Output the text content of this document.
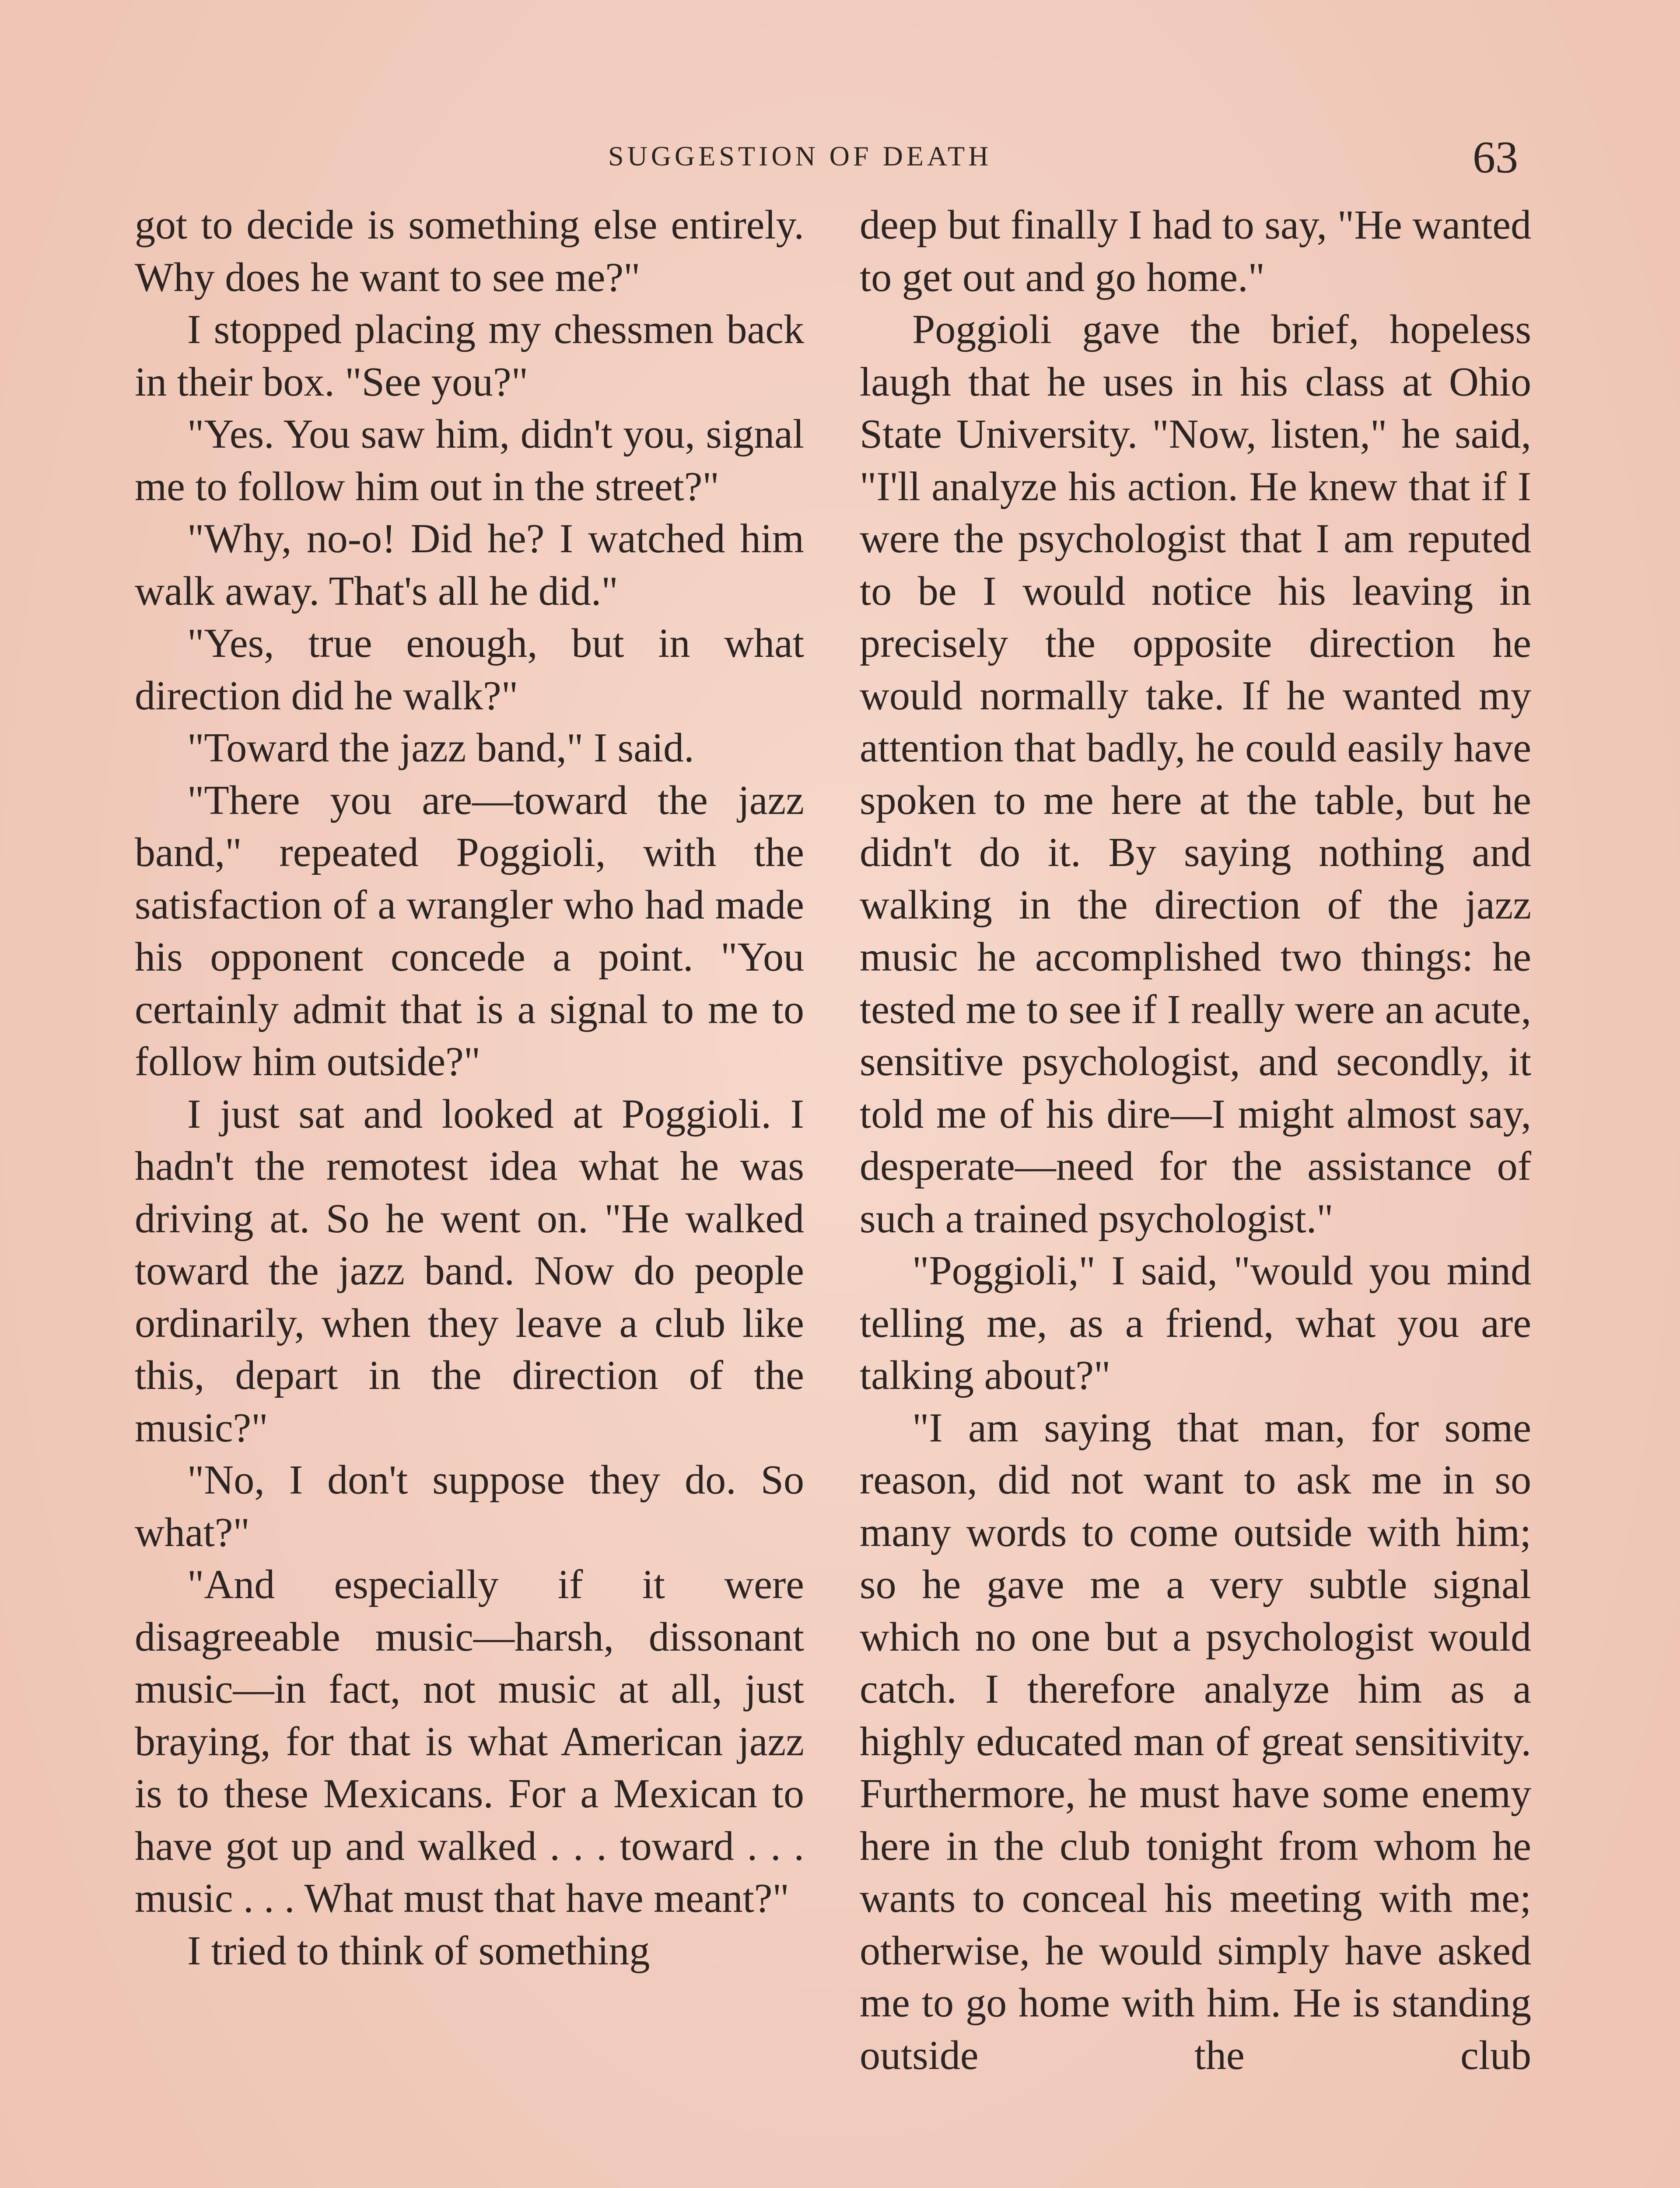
SUGGESTION OF DEATH	63

got to decide is something else entirely. Why does he want to see me?"

I stopped placing my chessmen back in their box. "See you?"

"Yes. You saw him, didn't you, signal me to follow him out in the street?"

"Why, no-o! Did he? I watched him walk away. That's all he did."

"Yes, true enough, but in what direction did he walk?"

"Toward the jazz band," I said.

"There you are—toward the jazz band," repeated Poggioli, with the satisfaction of a wrangler who had made his opponent concede a point. "You certainly admit that is a signal to me to follow him outside?"

I just sat and looked at Poggioli. I hadn't the remotest idea what he was driving at. So he went on. "He walked toward the jazz band. Now do people ordinarily, when they leave a club like this, depart in the direction of the music?"

"No, I don't suppose they do. So what?"

"And especially if it were disagreeable music—harsh, dissonant music—in fact, not music at all, just braying, for that is what American jazz is to these Mexicans. For a Mexican to have got up and walked . . . toward . . . music . . . What must that have meant?"

I tried to think of something

deep but finally I had to say, "He wanted to get out and go home."

Poggioli gave the brief, hopeless laugh that he uses in his class at Ohio State University. "Now, listen," he said, "I'll analyze his action. He knew that if I were the psychologist that I am reputed to be I would notice his leaving in precisely the opposite direction he would normally take. If he wanted my attention that badly, he could easily have spoken to me here at the table, but he didn't do it. By saying nothing and walking in the direction of the jazz music he accomplished two things: he tested me to see if I really were an acute, sensitive psychologist, and secondly, it told me of his dire—I might almost say, desperate—need for the assistance of such a trained psychologist."

"Poggioli," I said, "would you mind telling me, as a friend, what you are talking about?"

"I am saying that man, for some reason, did not want to ask me in so many words to come outside with him; so he gave me a very subtle signal which no one but a psychologist would catch. I therefore analyze him as a highly educated man of great sensitivity. Furthermore, he must have some enemy here in the club tonight from whom he wants to conceal his meeting with me; otherwise, he would simply have asked me to go home with him. He is standing outside the club
